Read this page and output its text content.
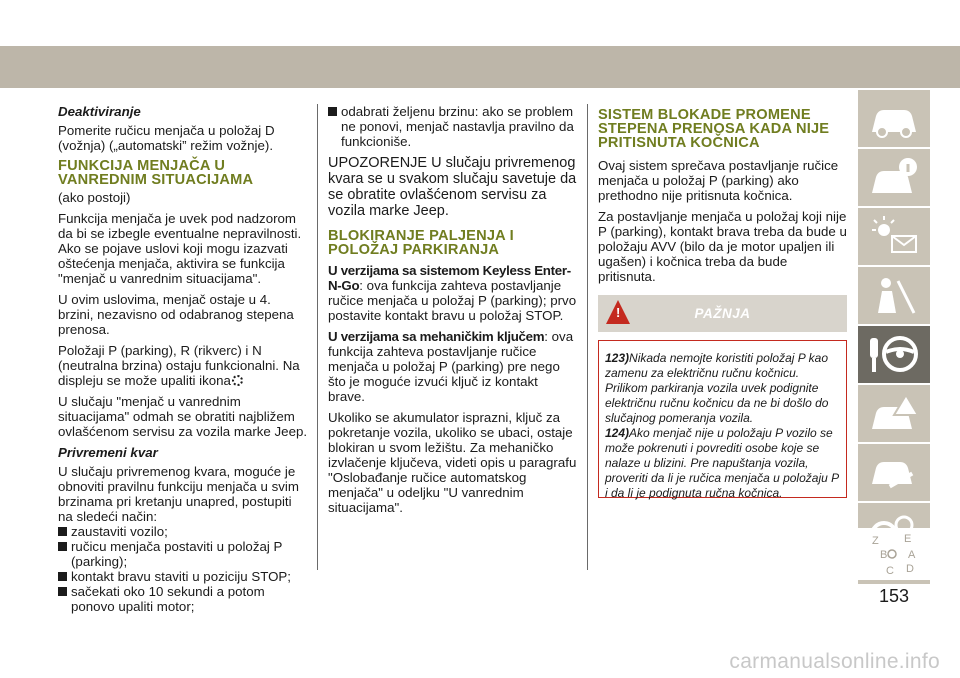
Deaktiviranje

Pomerite ručicu menjača u položaj D (vožnja) („automatski” režim vožnje).

FUNKCIJA MENJAČA U VANREDNIM SITUACIJAMA

(ako postoji)

Funkcija menjača je uvek pod nadzorom da bi se izbegle eventualne nepravilnosti. Ako se pojave uslovi koji mogu izazvati oštećenja menjača, aktivira se funkcija "menjač u vanrednim situacijama".

U ovim uslovima, menjač ostaje u 4. brzini, nezavisno od odabranog stepena prenosa.

Položaji P (parking), R (rikverc) i N (neutralna brzina) ostaju funkcionalni. Na displeju se može upaliti ikona

U slučaju "menjač u vanrednim situacijama" odmah se obratiti najbližem ovlašćenom servisu za vozila marke Jeep.

Privremeni kvar

U slučaju privremenog kvara, moguće je obnoviti pravilnu funkciju menjača u svim brzinama pri kretanju unapred, postupiti na sledeći način:

zaustaviti vozilo;
ručicu menjača postaviti u položaj P (parking);
kontakt bravu staviti u poziciju STOP;
sačekati oko 10 sekundi a potom ponovo upaliti motor;
odabrati željenu brzinu: ako se problem ne ponovi, menjač nastavlja pravilno da funkcioniše.
UPOZORENJE U slučaju privremenog kvara se u svakom slučaju savetuje da se obratite ovlašćenom servisu za vozila marke Jeep.
BLOKIRANJE PALJENJA I POLOŽAJ PARKIRANJA

U verzijama sa sistemom Keyless Enter-N-Go: ova funkcija zahteva postavljanje ručice menjača u položaj P (parking); prvo postavite kontakt bravu u položaj STOP.

U verzijama sa mehaničkim ključem: ova funkcija zahteva postavljanje ručice menjača u položaj P (parking) pre nego što je moguće izvući ključ iz kontakt brave.

Ukoliko se akumulator isprazni, ključ za pokretanje vozila, ukoliko se ubaci, ostaje blokiran u svom ležištu. Za mehaničko izvlačenje ključeva, videti opis u paragrafu "Oslobađanje ručice automatskog menjača" u odeljku "U vanrednim situacijama".

SISTEM BLOKADE PROMENE STEPENA PRENOSA KADA NIJE PRITISNUTA KOČNICA

Ovaj sistem sprečava postavljanje ručice menjača u položaj P (parking) ako prethodno nije pritisnuta kočnica.

Za postavljanje menjača u položaj koji nije P (parking), kontakt brava treba da bude u položaju AVV (bilo da je motor upaljen ili ugašen) i kočnica treba da bude pritisnuta.

!	PAŽNJA

123)Nikada nemojte koristiti položaj P kao zamenu za električnu ručnu kočnicu. Prilikom parkiranja vozila uvek podignite električnu ručnu kočnicu da ne bi došlo do slučajnog pomeranja vozila.

124)Ako menjač nije u položaju P vozilo se može pokrenuti i povrediti osobe koje se nalaze u blizini. Pre napuštanja vozila, proveriti da li je ručica menjača u položaju P i da li je podignuta ručna kočnica.

Z E
B A
C D
153
carmanualsonline.info
